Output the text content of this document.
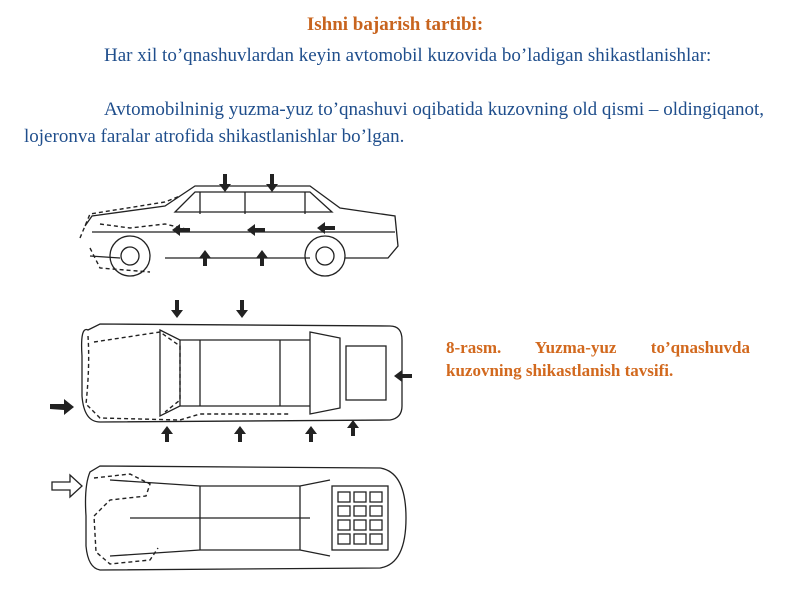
Ishni bajarish tartibi:
Har xil to’qnashuvlardan keyin avtomobil kuzovida bo’ladigan shikastlanishlar:
Avtomobilninig yuzma-yuz to’qnashuvi oqibatida kuzovning old qismi – oldingiqanot, lojeronva faralar atrofida shikastlanishlar bo’lgan.
8-rasm. Yuzma-yuz to’qnashuvda kuzovning shikastlanish tavsifi.
